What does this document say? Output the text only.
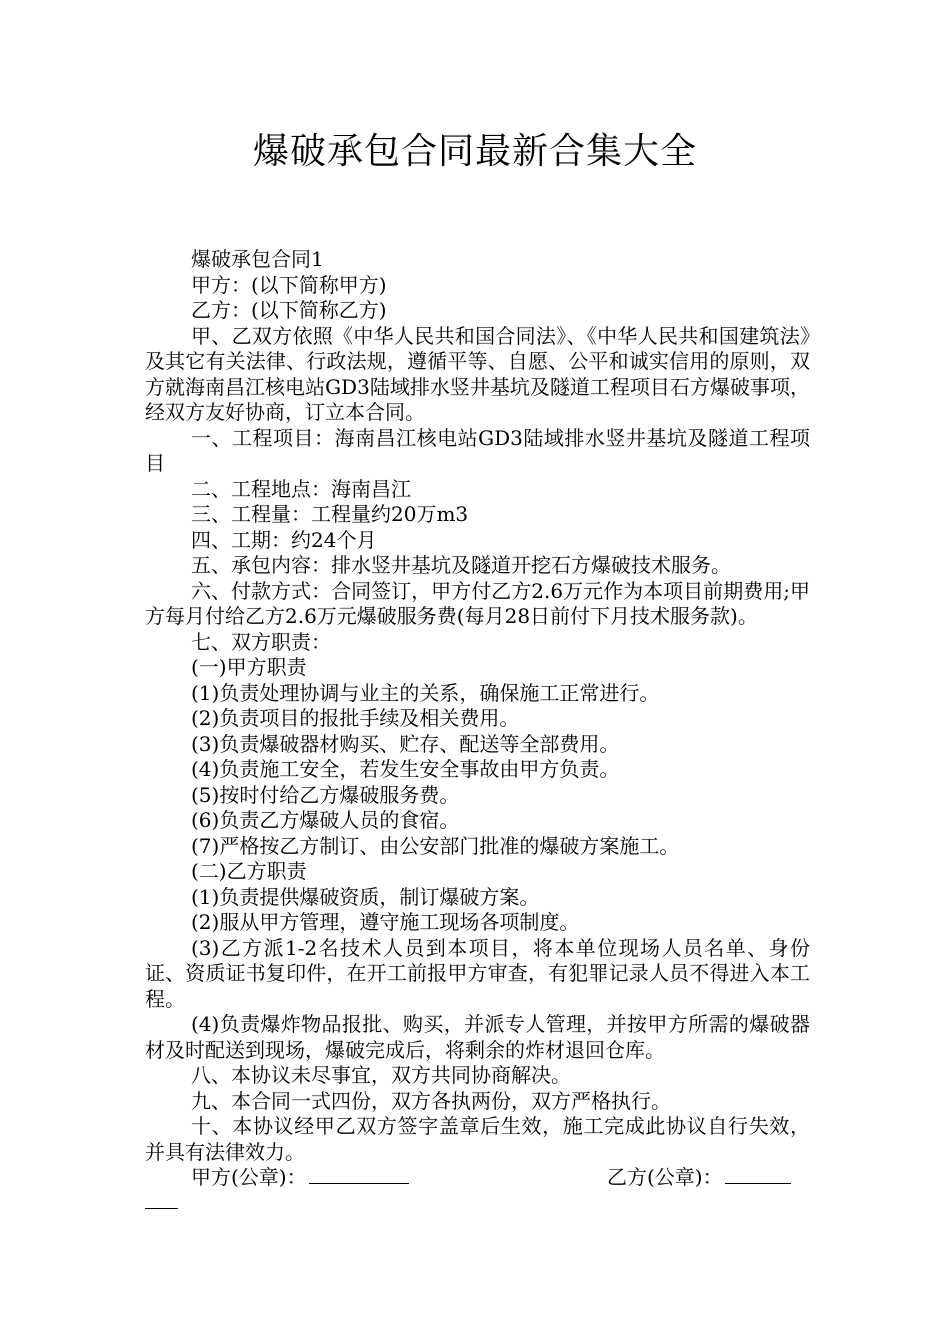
爆破承包合同最新合集大全

爆破承包合同1

甲方：(以下简称甲方)

乙方：(以下简称乙方)

甲、乙双方依照《中华人民共和国合同法》、《中华人民共和国建筑法》及其它有关法律、行政法规，遵循平等、自愿、公平和诚实信用的原则，双方就海南昌江核电站GD3陆域排水竖井基坑及隧道工程项目石方爆破事项，经双方友好协商，订立本合同。

一、工程项目：海南昌江核电站GD3陆域排水竖井基坑及隧道工程项目

二、工程地点：海南昌江

三、工程量：工程量约20万m3

四、工期：约24个月

五、承包内容：排水竖井基坑及隧道开挖石方爆破技术服务。

六、付款方式：合同签订，甲方付乙方2.6万元作为本项目前期费用;甲方每月付给乙方2.6万元爆破服务费(每月28日前付下月技术服务款)。

七、双方职责：

(一)甲方职责

(1)负责处理协调与业主的关系，确保施工正常进行。

(2)负责项目的报批手续及相关费用。

(3)负责爆破器材购买、贮存、配送等全部费用。

(4)负责施工安全，若发生安全事故由甲方负责。

(5)按时付给乙方爆破服务费。

(6)负责乙方爆破人员的食宿。

(7)严格按乙方制订、由公安部门批准的爆破方案施工。

(二)乙方职责

(1)负责提供爆破资质，制订爆破方案。

(2)服从甲方管理，遵守施工现场各项制度。

(3)乙方派1-2名技术人员到本项目，将本单位现场人员名单、身份证、资质证书复印件，在开工前报甲方审查，有犯罪记录人员不得进入本工程。

(4)负责爆炸物品报批、购买，并派专人管理，并按甲方所需的爆破器材及时配送到现场，爆破完成后，将剩余的炸材退回仓库。

八、本协议未尽事宜，双方共同协商解决。

九、本合同一式四份，双方各执两份，双方严格执行。

十、本协议经甲乙双方签字盖章后生效，施工完成此协议自行失效，并具有法律效力。

甲方(公章)：	乙方(公章)：
